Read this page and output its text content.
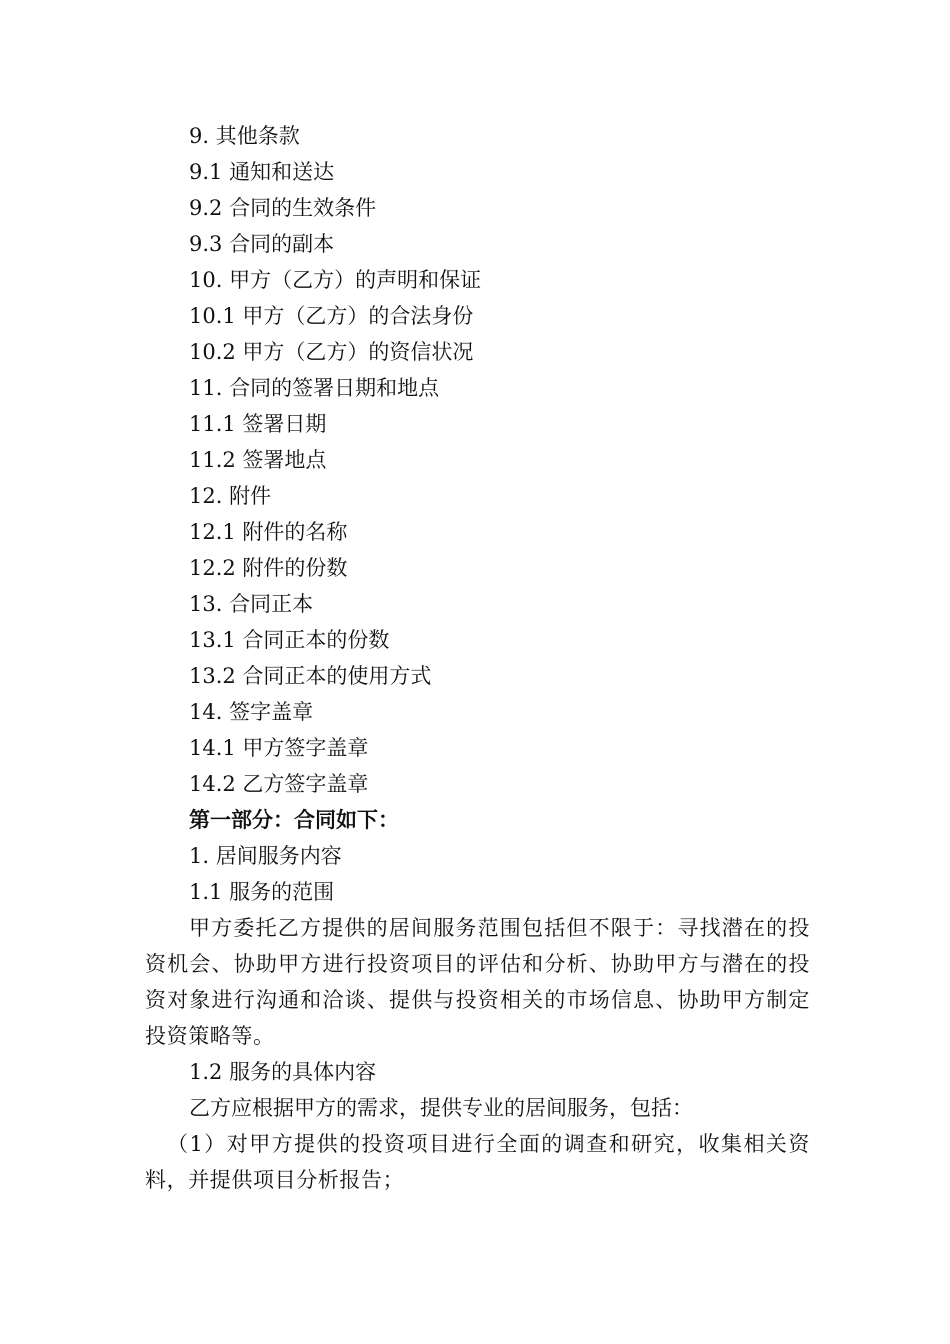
9. 其他条款
9.1 通知和送达
9.2 合同的生效条件
9.3 合同的副本
10. 甲方（乙方）的声明和保证
10.1 甲方（乙方）的合法身份
10.2 甲方（乙方）的资信状况
11. 合同的签署日期和地点
11.1 签署日期
11.2 签署地点
12. 附件
12.1 附件的名称
12.2 附件的份数
13. 合同正本
13.1 合同正本的份数
13.2 合同正本的使用方式
14. 签字盖章
14.1 甲方签字盖章
14.2 乙方签字盖章
第一部分：合同如下：
1. 居间服务内容
1.1 服务的范围
甲方委托乙方提供的居间服务范围包括但不限于：寻找潜在的投资机会、协助甲方进行投资项目的评估和分析、协助甲方与潜在的投资对象进行沟通和洽谈、提供与投资相关的市场信息、协助甲方制定投资策略等。
1.2 服务的具体内容
乙方应根据甲方的需求，提供专业的居间服务，包括：
（1）对甲方提供的投资项目进行全面的调查和研究，收集相关资料，并提供项目分析报告；
